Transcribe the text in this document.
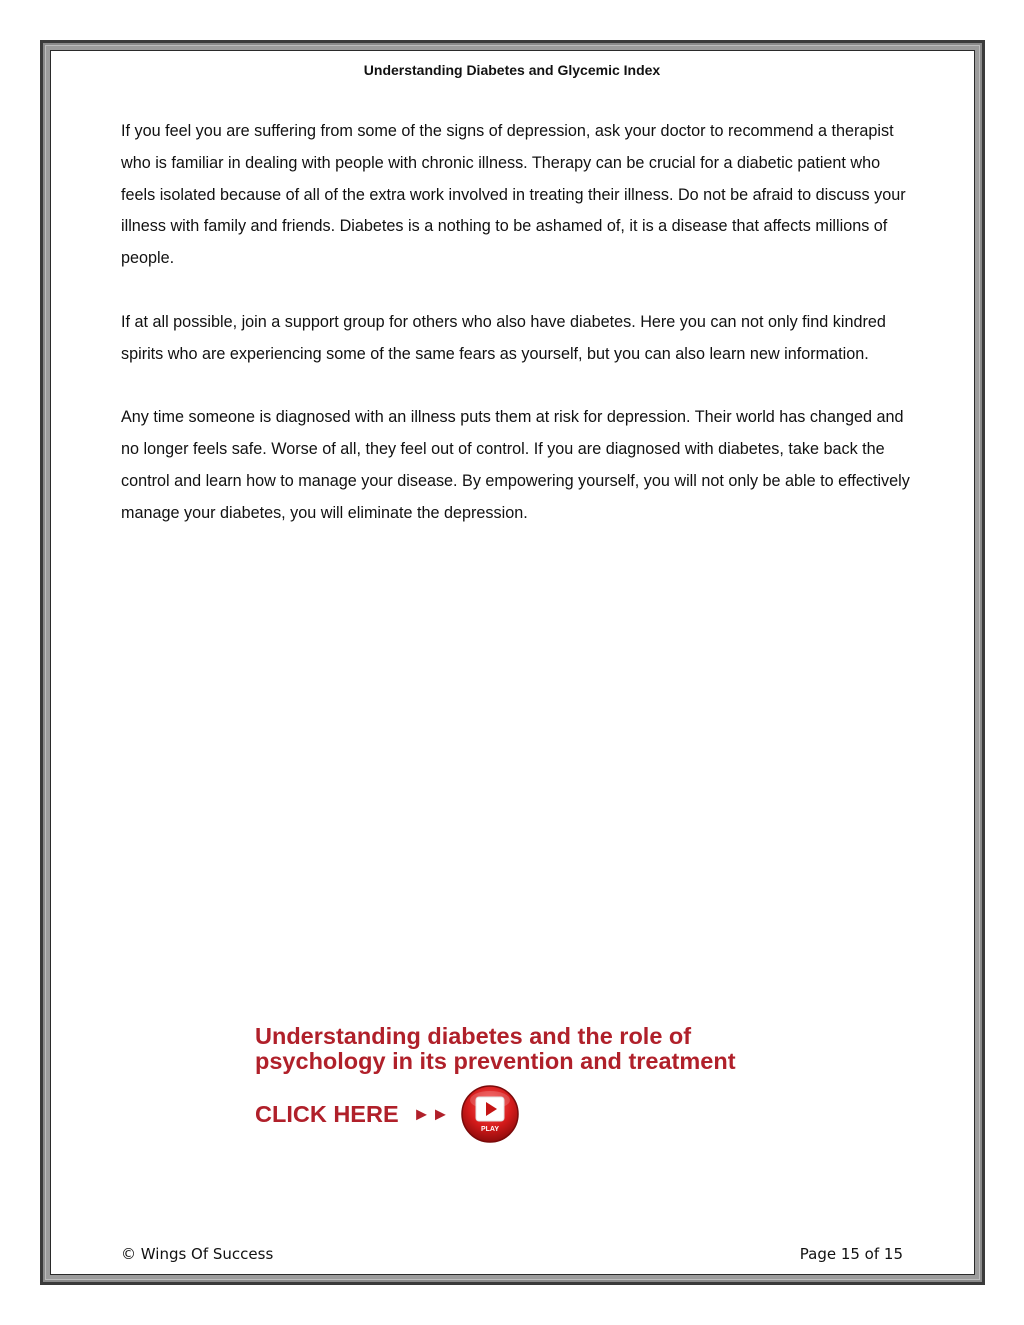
Understanding Diabetes and Glycemic Index

If you feel you are suffering from some of the signs of depression, ask your doctor to recommend a therapist who is familiar in dealing with people with chronic illness. Therapy can be crucial for a diabetic patient who feels isolated because of all of the extra work involved in treating their illness. Do not be afraid to discuss your illness with family and friends. Diabetes is a nothing to be ashamed of, it is a disease that affects millions of people.

If at all possible, join a support group for others who also have diabetes. Here you can not only find kindred spirits who are experiencing some of the same fears as yourself, but you can also learn new information.

Any time someone is diagnosed with an illness puts them at risk for depression. Their world has changed and no longer feels safe. Worse of all, they feel out of control. If you are diagnosed with diabetes, take back the control and learn how to manage your disease. By empowering yourself, you will not only be able to effectively manage your diabetes, you will eliminate the depression.

Understanding diabetes and the role of
psychology in its prevention and treatment
CLICK HERE ►►
PLAY
© Wings Of Success	Page 15 of 15
